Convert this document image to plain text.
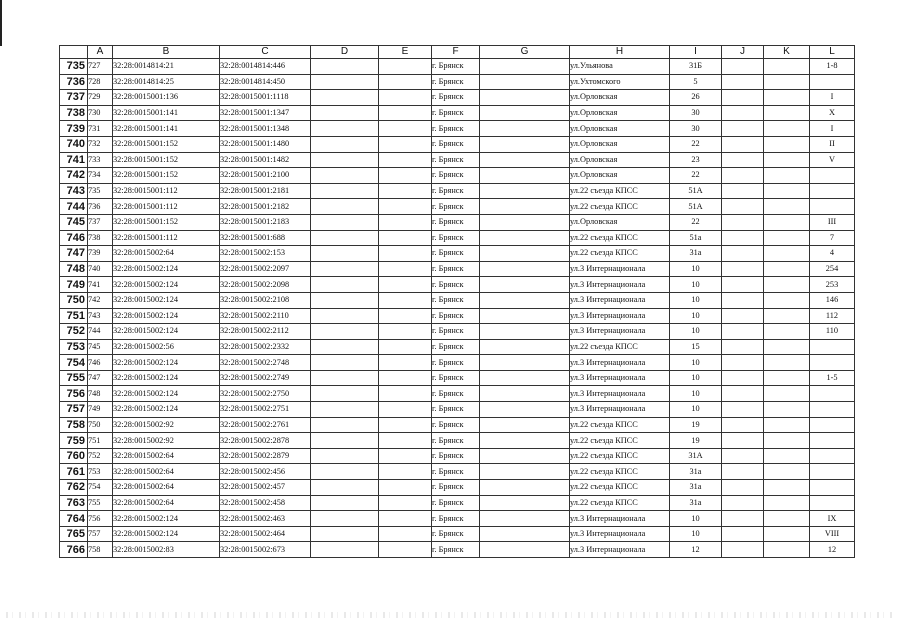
	A	B	C	D	E	F	G	H	I	J	K	L
735	727	32:28:0014814:21	32:28:0014814:446			г. Брянск		ул.Ульянова	31Б			1-8
736	728	32:28:0014814:25	32:28:0014814:450			г. Брянск		ул.Ухтомского	5			
737	729	32:28:0015001:136	32:28:0015001:1118			г. Брянск		ул.Орловская	26			I
738	730	32:28:0015001:141	32:28:0015001:1347			г. Брянск		ул.Орловская	30			X
739	731	32:28:0015001:141	32:28:0015001:1348			г. Брянск		ул.Орловская	30			I
740	732	32:28:0015001:152	32:28:0015001:1480			г. Брянск		ул.Орловская	22			II
741	733	32:28:0015001:152	32:28:0015001:1482			г. Брянск		ул.Орловская	23			V
742	734	32:28:0015001:152	32:28:0015001:2100			г. Брянск		ул.Орловская	22			
743	735	32:28:0015001:112	32:28:0015001:2181			г. Брянск		ул.22 съезда КПСС	51А			
744	736	32:28:0015001:112	32:28:0015001:2182			г. Брянск		ул.22 съезда КПСС	51А			
745	737	32:28:0015001:152	32:28:0015001:2183			г. Брянск		ул.Орловская	22			III
746	738	32:28:0015001:112	32:28:0015001:688			г. Брянск		ул.22 съезда КПСС	51а			7
747	739	32:28:0015002:64	32:28:0015002:153			г. Брянск		ул.22 съезда КПСС	31а			4
748	740	32:28:0015002:124	32:28:0015002:2097			г. Брянск		ул.3 Интернационала	10			254
749	741	32:28:0015002:124	32:28:0015002:2098			г. Брянск		ул.3 Интернационала	10			253
750	742	32:28:0015002:124	32:28:0015002:2108			г. Брянск		ул.3 Интернационала	10			146
751	743	32:28:0015002:124	32:28:0015002:2110			г. Брянск		ул.3 Интернационала	10			112
752	744	32:28:0015002:124	32:28:0015002:2112			г. Брянск		ул.3 Интернационала	10			110
753	745	32:28:0015002:56	32:28:0015002:2332			г. Брянск		ул.22 съезда КПСС	15			
754	746	32:28:0015002:124	32:28:0015002:2748			г. Брянск		ул.3 Интернационала	10			
755	747	32:28:0015002:124	32:28:0015002:2749			г. Брянск		ул.3 Интернационала	10			1-5
756	748	32:28:0015002:124	32:28:0015002:2750			г. Брянск		ул.3 Интернационала	10			
757	749	32:28:0015002:124	32:28:0015002:2751			г. Брянск		ул.3 Интернационала	10			
758	750	32:28:0015002:92	32:28:0015002:2761			г. Брянск		ул.22 съезда КПСС	19			
759	751	32:28:0015002:92	32:28:0015002:2878			г. Брянск		ул.22 съезда КПСС	19			
760	752	32:28:0015002:64	32:28:0015002:2879			г. Брянск		ул.22 съезда КПСС	31А			
761	753	32:28:0015002:64	32:28:0015002:456			г. Брянск		ул.22 съезда КПСС	31а			
762	754	32:28:0015002:64	32:28:0015002:457			г. Брянск		ул.22 съезда КПСС	31а			
763	755	32:28:0015002:64	32:28:0015002:458			г. Брянск		ул.22 съезда КПСС	31а			
764	756	32:28:0015002:124	32:28:0015002:463			г. Брянск		ул.3 Интернационала	10			IX
765	757	32:28:0015002:124	32:28:0015002:464			г. Брянск		ул.3 Интернационала	10			VIII
766	758	32:28:0015002:83	32:28:0015002:673			г. Брянск		ул.3 Интернационала	12			12
